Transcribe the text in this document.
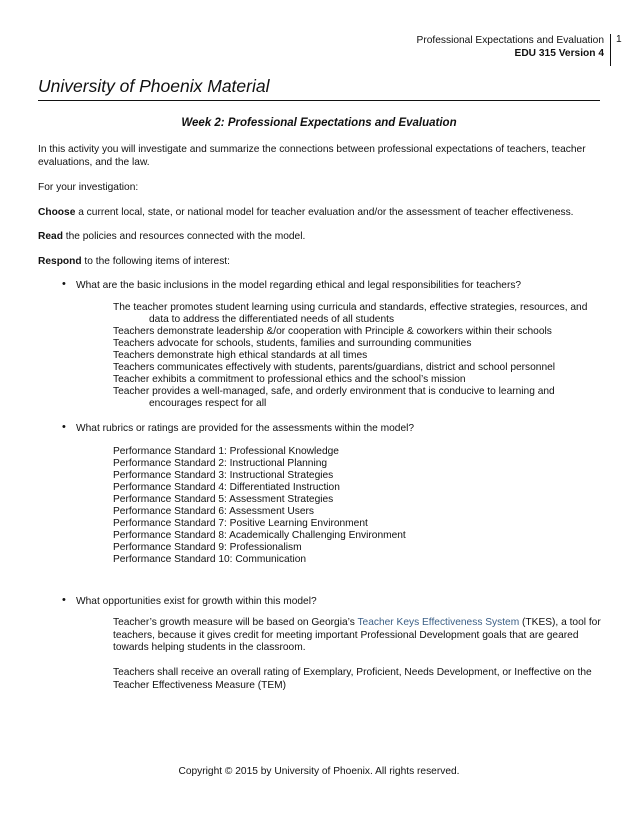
Professional Expectations and Evaluation
EDU 315 Version 4
1
University of Phoenix Material
Week 2: Professional Expectations and Evaluation
In this activity you will investigate and summarize the connections between professional expectations of teachers, teacher evaluations, and the law.
For your investigation:
Choose a current local, state, or national model for teacher evaluation and/or the assessment of teacher effectiveness.
Read the policies and resources connected with the model.
Respond to the following items of interest:
• What are the basic inclusions in the model regarding ethical and legal responsibilities for teachers?
The teacher promotes student learning using curricula and standards, effective strategies, resources, and
data to address the differentiated needs of all students
Teachers demonstrate leadership &/or cooperation with Principle & coworkers within their schools
Teachers advocate for schools, students, families and surrounding communities
Teachers demonstrate high ethical standards at all times
Teachers communicates effectively with students, parents/guardians, district and school personnel
Teacher exhibits a commitment to professional ethics and the school’s mission
Teacher provides a well-managed, safe, and orderly environment that is conducive to learning and
encourages respect for all
• What rubrics or ratings are provided for the assessments within the model?
Performance Standard 1: Professional Knowledge
Performance Standard 2: Instructional Planning
Performance Standard 3: Instructional Strategies
Performance Standard 4: Differentiated Instruction
Performance Standard 5: Assessment Strategies
Performance Standard 6: Assessment Users
Performance Standard 7: Positive Learning Environment
Performance Standard 8: Academically Challenging Environment
Performance Standard 9: Professionalism
Performance Standard 10: Communication
• What opportunities exist for growth within this model?
Teacher’s growth measure will be based on Georgia’s Teacher Keys Effectiveness System (TKES), a tool for teachers, because it gives credit for meeting important Professional Development goals that are geared towards helping students in the classroom.
Teachers shall receive an overall rating of Exemplary, Proficient, Needs Development, or Ineffective on the Teacher Effectiveness Measure (TEM)
Copyright © 2015 by University of Phoenix. All rights reserved.
